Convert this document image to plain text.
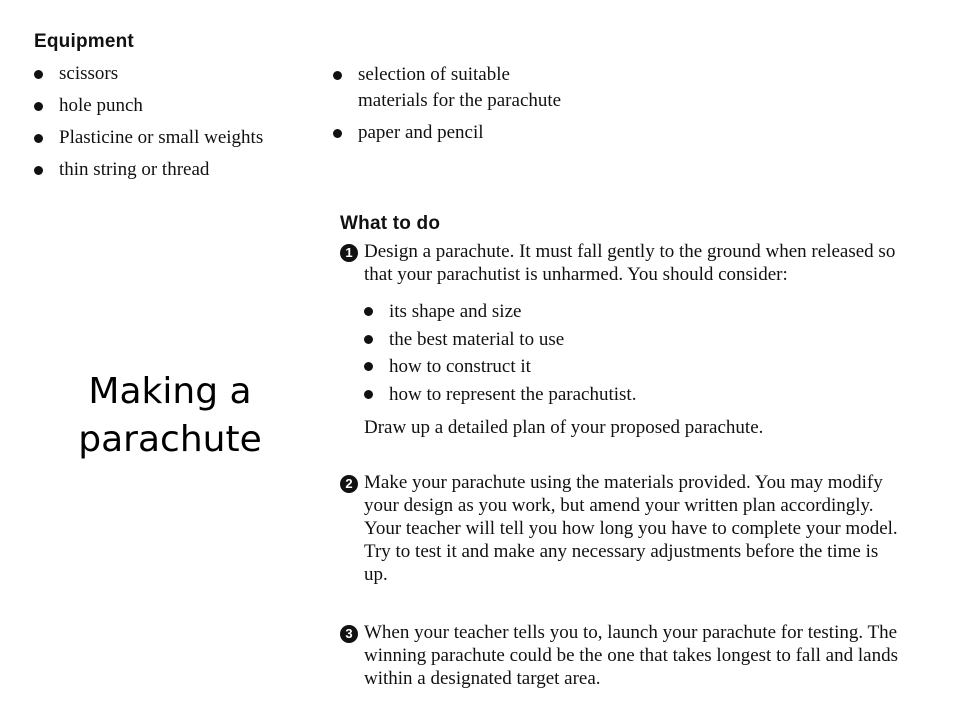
Equipment
scissors
hole punch
Plasticine or small weights
thin string or thread
selection of suitable materials for the parachute
paper and pencil
What to do
1 Design a parachute. It must fall gently to the ground when released so that your parachutist is unharmed. You should consider:
its shape and size
the best material to use
how to construct it
how to represent the parachutist.
Draw up a detailed plan of your proposed parachute.
2 Make your parachute using the materials provided. You may modify your design as you work, but amend your written plan accordingly. Your teacher will tell you how long you have to complete your model. Try to test it and make any necessary adjustments before the time is up.
3 When your teacher tells you to, launch your parachute for testing. The winning parachute could be the one that takes longest to fall and lands within a designated target area.
Making a
parachute
